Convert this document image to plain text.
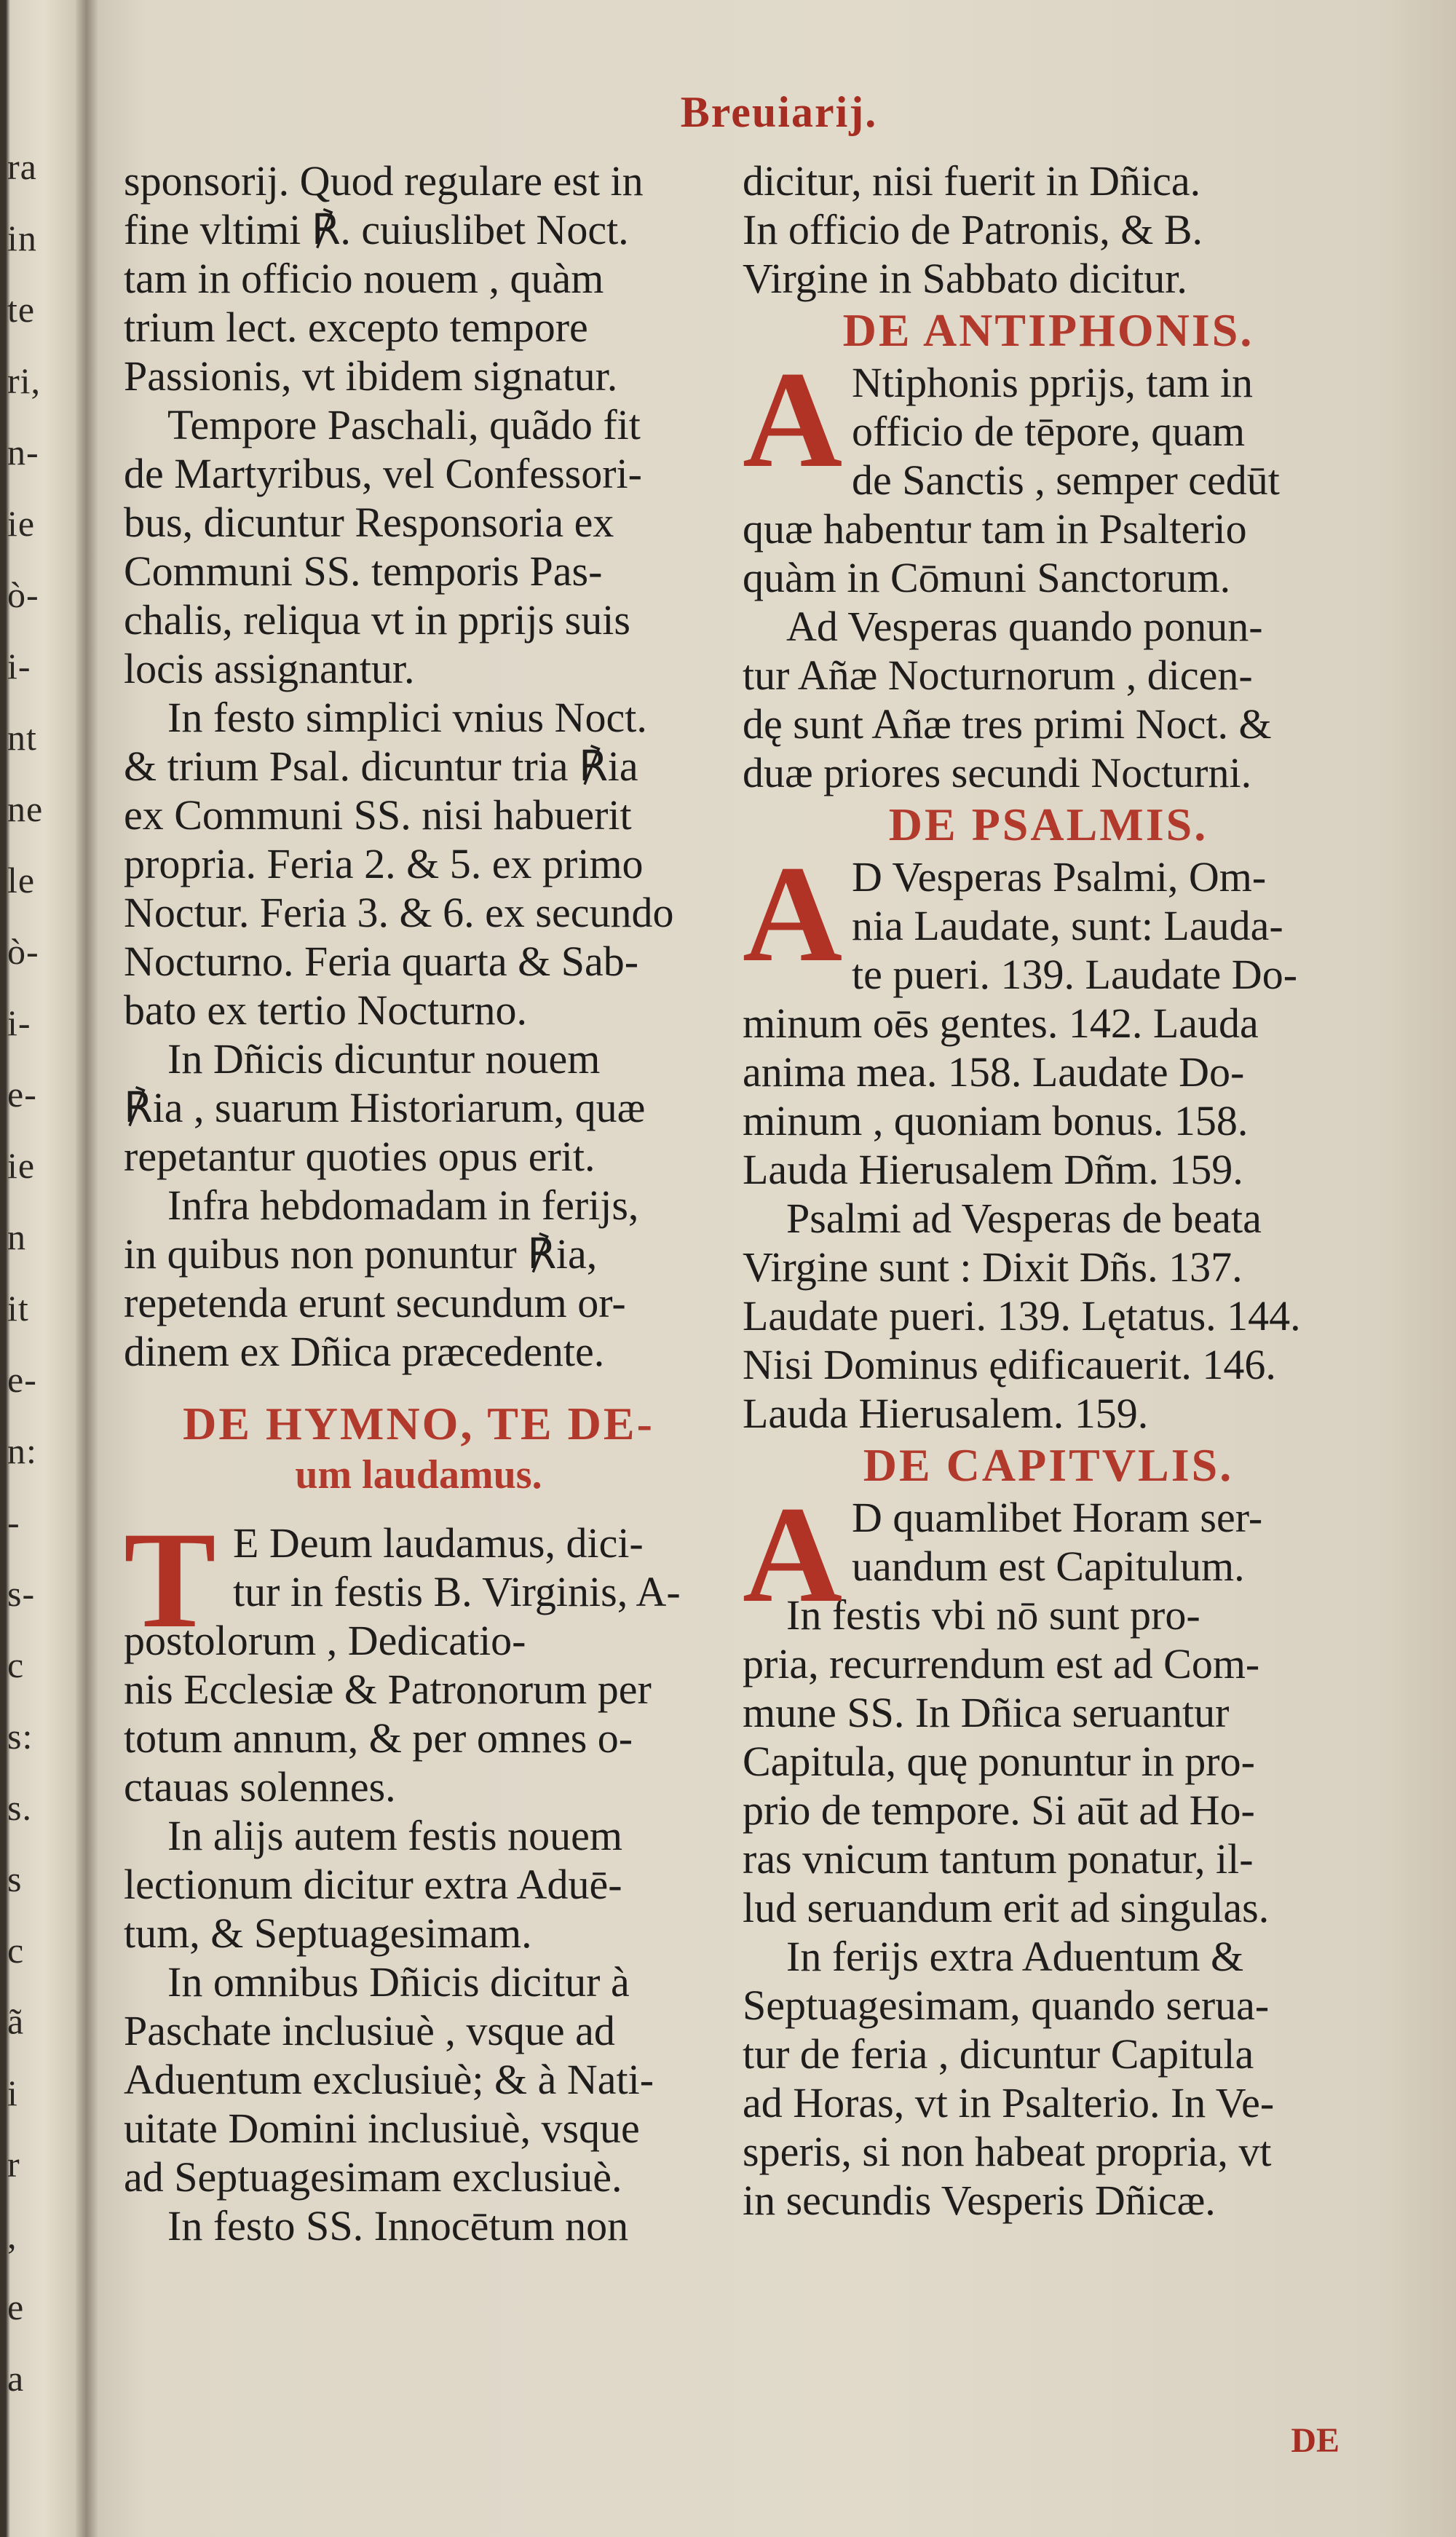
ra
in
te
ri,
n-
ie
ò-
i-
nt
ne
le
ò-
i-
e-
ie
n
it
e-
n:
-
s-
c
s:
s.
s
c
ã
i
r
,
e
a
Breuiarij.
sponsorij. Quod regulare est in
fine vltimi ℟. cuiuslibet Noct.
tam in officio nouem , quàm
trium lect. excepto tempore
Passionis, vt ibidem signatur.
Tempore Paschali, quãdo fit
de Martyribus, vel Confessori-
bus, dicuntur Responsoria ex
Communi SS. temporis Pas-
chalis, reliqua vt in pprijs suis
locis assignantur.
In festo simplici vnius Noct.
& trium Psal. dicuntur tria ℟ia
ex Communi SS. nisi habuerit
propria. Feria 2. & 5. ex primo
Noctur. Feria 3. & 6. ex secundo
Nocturno. Feria quarta & Sab-
bato ex tertio Nocturno.
In Dñicis dicuntur nouem
℟ia , suarum Historiarum, quæ
repetantur quoties opus erit.
Infra hebdomadam in ferijs,
in quibus non ponuntur ℟ia,
repetenda erunt secundum or-
dinem ex Dñica præcedente.
DE HYMNO, TE DE-
um laudamus.
T E Deum laudamus, dici-
tur in festis B. Virginis, A-
postolorum , Dedicatio-
nis Ecclesiæ & Patronorum per
totum annum, & per omnes o-
ctauas solennes.
In alijs autem festis nouem
lectionum dicitur extra Aduē-
tum, & Septuagesimam.
In omnibus Dñicis dicitur à
Paschate inclusiuè , vsque ad
Aduentum exclusiuè; & à Nati-
uitate Domini inclusiuè, vsque
ad Septuagesimam exclusiuè.
In festo SS. Innocētum non
dicitur, nisi fuerit in Dñica.
In officio de Patronis, & B.
Virgine in Sabbato dicitur.
DE ANTIPHONIS.
A Ntiphonis pprijs, tam in
officio de tēpore, quam
de Sanctis , semper cedūt
quæ habentur tam in Psalterio
quàm in Cōmuni Sanctorum.
Ad Vesperas quando ponun-
tur Añæ Nocturnorum , dicen-
dę sunt Añæ tres primi Noct. &
duæ priores secundi Nocturni.
DE PSALMIS.
A D Vesperas Psalmi, Om-
nia Laudate, sunt: Lauda-
te pueri. 139. Laudate Do-
minum oēs gentes. 142. Lauda
anima mea. 158. Laudate Do-
minum , quoniam bonus. 158.
Lauda Hierusalem Dñm. 159.
Psalmi ad Vesperas de beata
Virgine sunt : Dixit Dñs. 137.
Laudate pueri. 139. Lętatus. 144.
Nisi Dominus ędificauerit. 146.
Lauda Hierusalem. 159.
DE CAPITVLIS.
A D quamlibet Horam ser-
uandum est Capitulum.
In festis vbi nō sunt pro-
pria, recurrendum est ad Com-
mune SS. In Dñica seruantur
Capitula, quę ponuntur in pro-
prio de tempore. Si aūt ad Ho-
ras vnicum tantum ponatur, il-
lud seruandum erit ad singulas.
In ferijs extra Aduentum &
Septuagesimam, quando serua-
tur de feria , dicuntur Capitula
ad Horas, vt in Psalterio. In Ve-
speris, si non habeat propria, vt
in secundis Vesperis Dñicæ.
DE
